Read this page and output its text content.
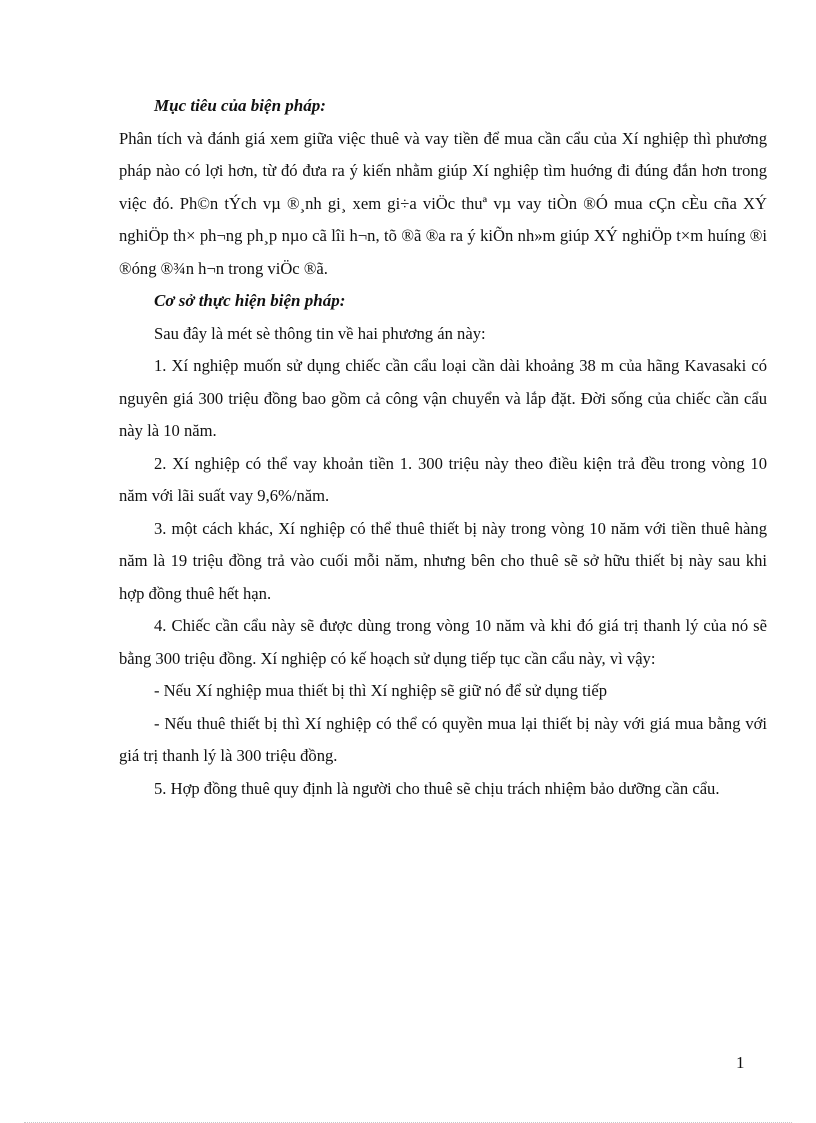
Mục tiêu của biện pháp:

Phân tích và đánh giá xem giữa việc thuê và vay tiền để mua cần cẩu của Xí nghiệp thì phương pháp nào có lợi hơn, từ đó đưa ra ý kiến nhằm giúp Xí nghiệp tìm huớng đi đúng đắn hơn trong việc đó. Ph©n tÝch vµ ®¸nh gi¸ xem gi÷a viÖc thuª vµ vay tiÒn ®Ó mua cÇn cÈu cña XÝ nghiÖp th× ph¬ng ph¸p nµo cã lîi h¬n, tõ ®ã ®a ra ý kiÕn nh»m giúp XÝ nghiÖp t×m huíng ®i ®óng ®¾n h¬n trong viÖc ®ã.

Cơ sở thực hiện biện pháp:

Sau đây là mét sè thông tin về hai phương án này:

1. Xí nghiệp muốn sử dụng chiếc cần cẩu loại cần dài khoảng 38 m của hãng Kavasaki có nguyên giá 300 triệu đồng bao gồm cả công vận chuyển và lắp đặt. Đời sống của chiếc cần cẩu này là 10 năm.

2. Xí nghiệp có thể vay khoản tiền 1. 300 triệu này theo điều kiện trả đều trong vòng 10 năm với lãi suất vay 9,6%/năm.

3. một cách khác, Xí nghiệp có thể thuê thiết bị này trong vòng 10 năm với tiền thuê hàng năm là 19 triệu đồng trả vào cuối mỗi năm, nhưng bên cho thuê sẽ sở hữu thiết bị này sau khi hợp đồng thuê hết hạn.

4. Chiếc cần cẩu này sẽ được dùng trong vòng 10 năm và khi đó giá trị thanh lý của nó sẽ bằng 300 triệu đồng. Xí nghiệp có kế hoạch sử dụng tiếp tục cần cẩu này, vì vậy:

- Nếu Xí nghiệp mua thiết bị thì Xí nghiệp sẽ giữ nó để sử dụng tiếp

- Nếu thuê thiết bị thì Xí nghiệp có thể có quyền mua lại thiết bị này với giá mua bằng với giá trị thanh lý là 300 triệu đồng.

5. Hợp đồng thuê quy định là người cho thuê sẽ chịu trách nhiệm bảo dưỡng cần cẩu.

1
